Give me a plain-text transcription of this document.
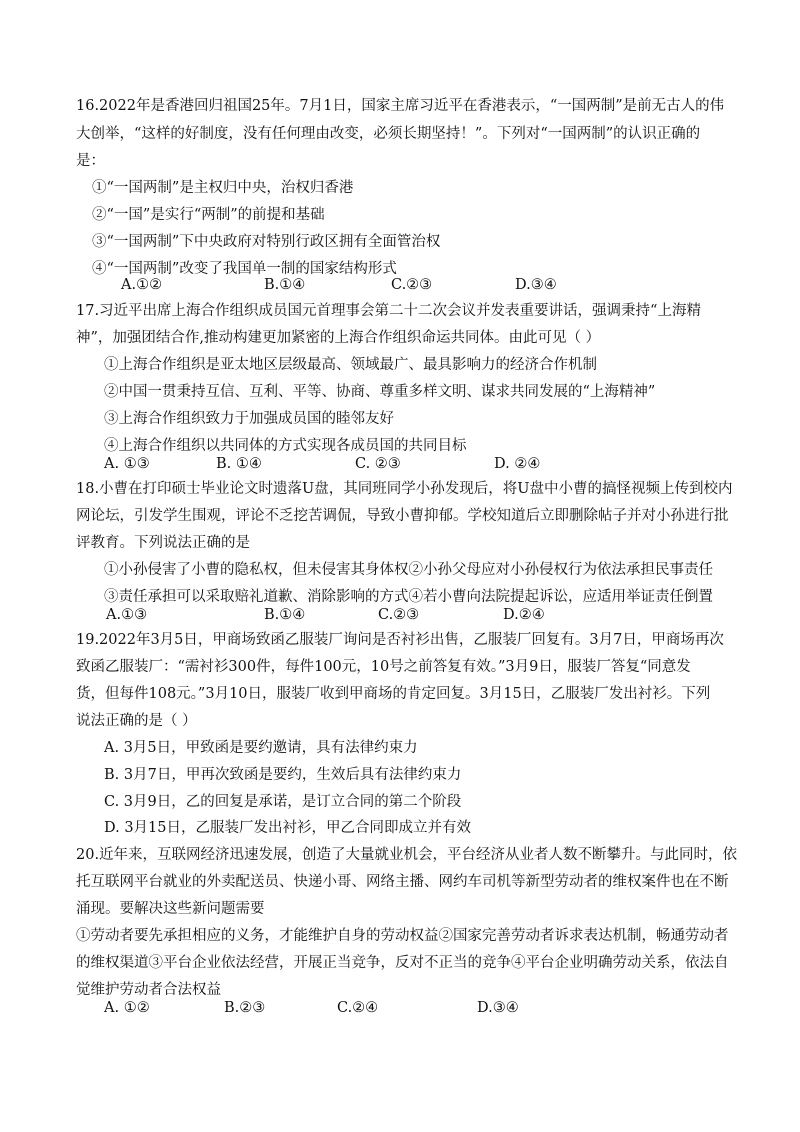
16.2022年是香港回归祖国25年。7月1日，国家主席习近平在香港表示，“一国两制”是前无古人的伟
大创举，“这样的好制度，没有任何理由改变，必须长期坚持！”。下列对“一国两制”的认识正确的
是：
①“一国两制”是主权归中央，治权归香港
②“一国”是实行“两制”的前提和基础
③“一国两制”下中央政府对特别行政区拥有全面管治权
④“一国两制”改变了我国单一制的国家结构形式
A.①②	B.①④	C.②③	D.③④
17.习近平出席上海合作组织成员国元首理事会第二十二次会议并发表重要讲话，强调秉持“上海精
神”，加强团结合作,推动构建更加紧密的上海合作组织命运共同体。由此可见（ ）
①上海合作组织是亚太地区层级最高、领域最广、最具影响力的经济合作机制
②中国一贯秉持互信、互利、平等、协商、尊重多样文明、谋求共同发展的“上海精神”
③上海合作组织致力于加强成员国的睦邻友好
④上海合作组织以共同体的方式实现各成员国的共同目标
A. ①③	B. ①④	C. ②③	D. ②④
18.小曹在打印硕士毕业论文时遗落U盘，其同班同学小孙发现后，将U盘中小曹的搞怪视频上传到校内
网论坛，引发学生围观，评论不乏挖苦调侃，导致小曹抑郁。学校知道后立即删除帖子并对小孙进行批
评教育。下列说法正确的是
①小孙侵害了小曹的隐私权，但未侵害其身体权②小孙父母应对小孙侵权行为依法承担民事责任
③责任承担可以采取赔礼道歉、消除影响的方式④若小曹向法院提起诉讼，应适用举证责任倒置
A.①③	B.①④	C.②③	D.②④
19.2022年3月5日，甲商场致函乙服装厂询问是否衬衫出售，乙服装厂回复有。3月7日，甲商场再次
致函乙服装厂：“需衬衫300件，每件100元，10号之前答复有效。”3月9日，服装厂答复“同意发
货，但每件108元。”3月10日，服装厂收到甲商场的肯定回复。3月15日，乙服装厂发出衬衫。下列
说法正确的是（ ）
A. 3月5日，甲致函是要约邀请，具有法律约束力
B. 3月7日，甲再次致函是要约，生效后具有法律约束力
C. 3月9日，乙的回复是承诺，是订立合同的第二个阶段
D. 3月15日，乙服装厂发出衬衫，甲乙合同即成立并有效
20.近年来，互联网经济迅速发展，创造了大量就业机会，平台经济从业者人数不断攀升。与此同时，依
托互联网平台就业的外卖配送员、快递小哥、网络主播、网约车司机等新型劳动者的维权案件也在不断
涌现。要解决这些新问题需要
①劳动者要先承担相应的义务，才能维护自身的劳动权益②国家完善劳动者诉求表达机制，畅通劳动者
的维权渠道③平台企业依法经营，开展正当竞争，反对不正当的竞争④平台企业明确劳动关系，依法自
觉维护劳动者合法权益
A. ①②	B.②③	C.②④	D.③④
